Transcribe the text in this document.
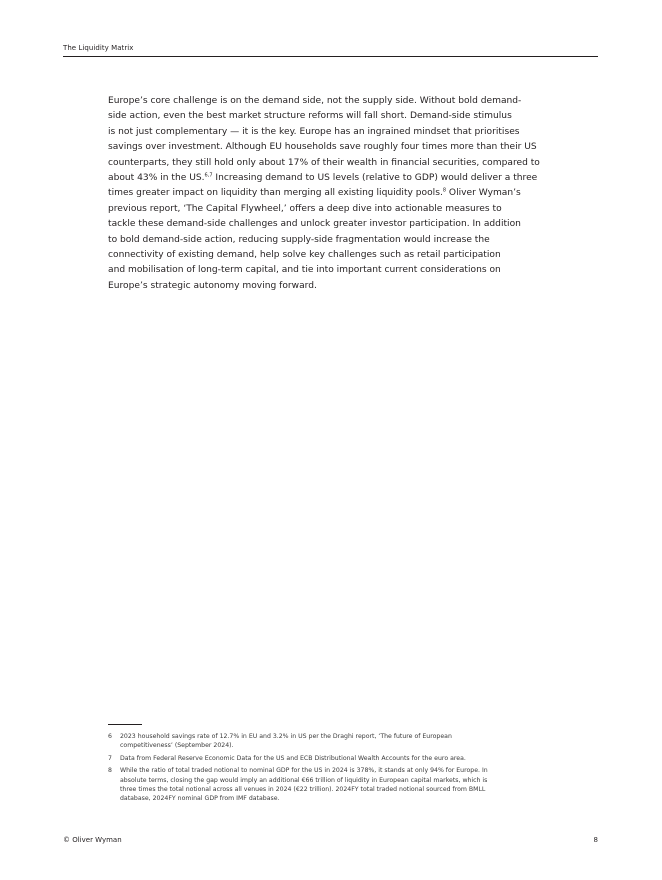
The Liquidity Matrix
Europe’s core challenge is on the demand side, not the supply side. Without bold demand-
side action, even the best market structure reforms will fall short. Demand-side stimulus
is not just complementary — it is the key. Europe has an ingrained mindset that prioritises
savings over investment. Although EU households save roughly four times more than their US
counterparts, they still hold only about 17% of their wealth in financial securities, compared to
about 43% in the US.$^{6,7}$ Increasing demand to US levels (relative to GDP) would deliver a three
times greater impact on liquidity than merging all existing liquidity pools.$^8$ Oliver Wyman’s
previous report, ‘The Capital Flywheel,’ offers a deep dive into actionable measures to
tackle these demand-side challenges and unlock greater investor participation. In addition
to bold demand-side action, reducing supply-side fragmentation would increase the
connectivity of existing demand, help solve key challenges such as retail participation
and mobilisation of long-term capital, and tie into important current considerations on
Europe’s strategic autonomy moving forward.
6 2023 household savings rate of 12.7% in EU and 3.2% in US per the Draghi report, ‘The future of European
competitiveness’ (September 2024).
7 Data from Federal Reserve Economic Data for the US and ECB Distributional Wealth Accounts for the euro area.
8 While the ratio of total traded notional to nominal GDP for the US in 2024 is 378%, it stands at only 94% for Europe. In
absolute terms, closing the gap would imply an additional €66 trillion of liquidity in European capital markets, which is
three times the total notional across all venues in 2024 (€22 trillion). 2024FY total traded notional sourced from BMLL
database, 2024FY nominal GDP from IMF database.
© Oliver Wyman	8
